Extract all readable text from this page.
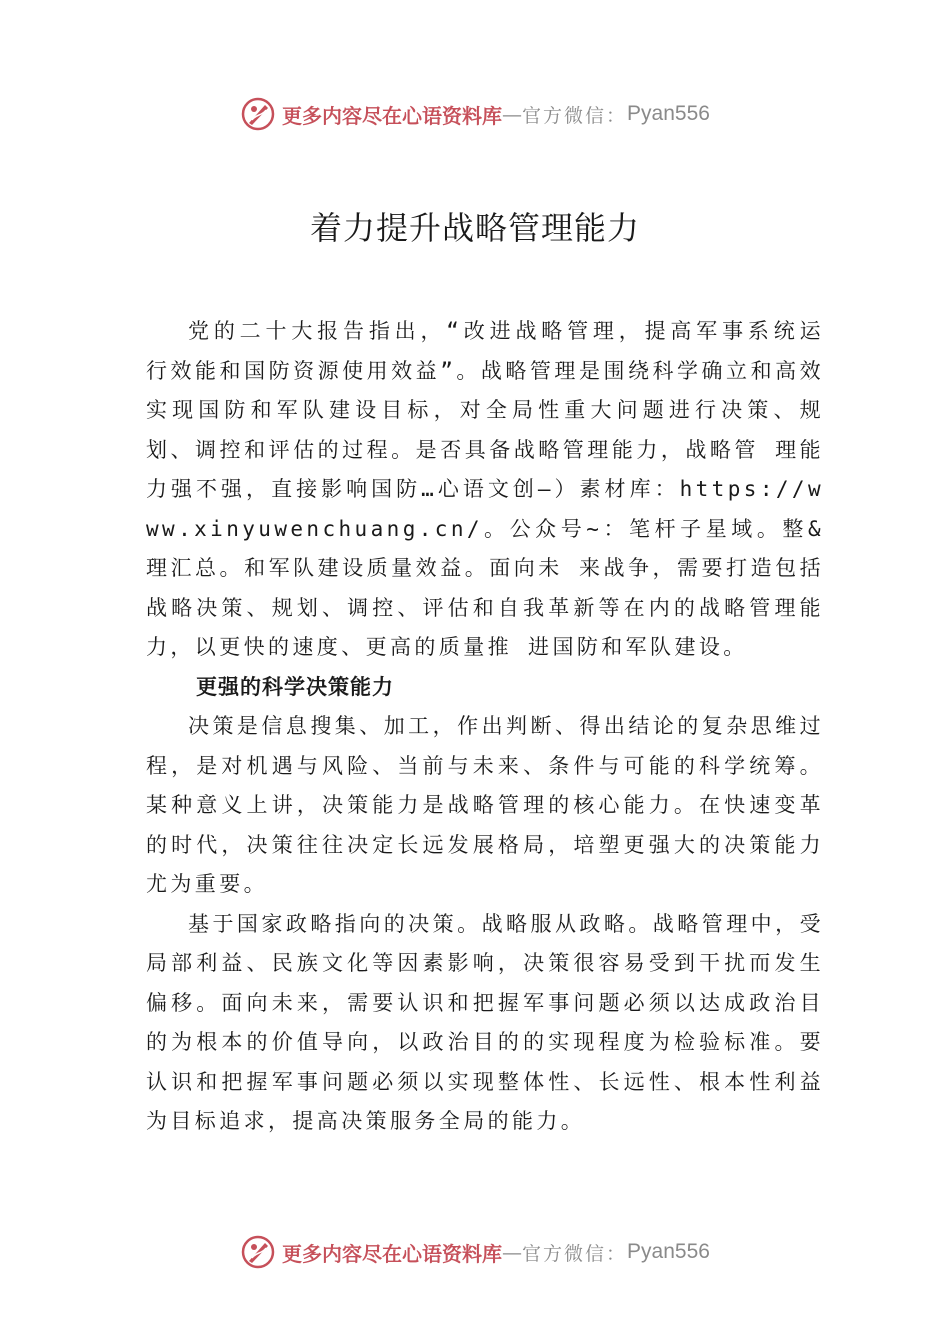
更多内容尽在心语资料库 — 官方微信： Pyan556
着力提升战略管理能力

党的二十大报告指出，“改进战略管理，提高军事系统运 行效能和国防资源使用效益”。战略管理是围绕科学确立和高效实现国防和军队建设目标，对全局性重大问题进行决策、规划、调控和评估的过程。是否具备战略管理能力，战略管 理能力强不强，直接影响国防…心语文创—）素材库：https://www.xinyuwenchuang.cn/。公众号~：笔杆子星域。整&理汇总。和军队建设质量效益。面向未 来战争，需要打造包括战略决策、规划、调控、评估和自我革新等在内的战略管理能力，以更快的速度、更高的质量推 进国防和军队建设。

更强的科学决策能力

决策是信息搜集、加工，作出判断、得出结论的复杂思维过程，是对机遇与风险、当前与未来、条件与可能的科学统筹。某种意义上讲，决策能力是战略管理的核心能力。在快速变革的时代，决策往往决定长远发展格局，培塑更强大的决策能力尤为重要。

基于国家政略指向的决策。战略服从政略。战略管理中，受局部利益、民族文化等因素影响，决策很容易受到干扰而发生偏移。面向未来，需要认识和把握军事问题必须以达成政治目的为根本的价值导向，以政治目的的实现程度为检验标准。要认识和把握军事问题必须以实现整体性、长远性、根本性利益为目标追求，提高决策服务全局的能力。

更多内容尽在心语资料库 — 官方微信： Pyan556
